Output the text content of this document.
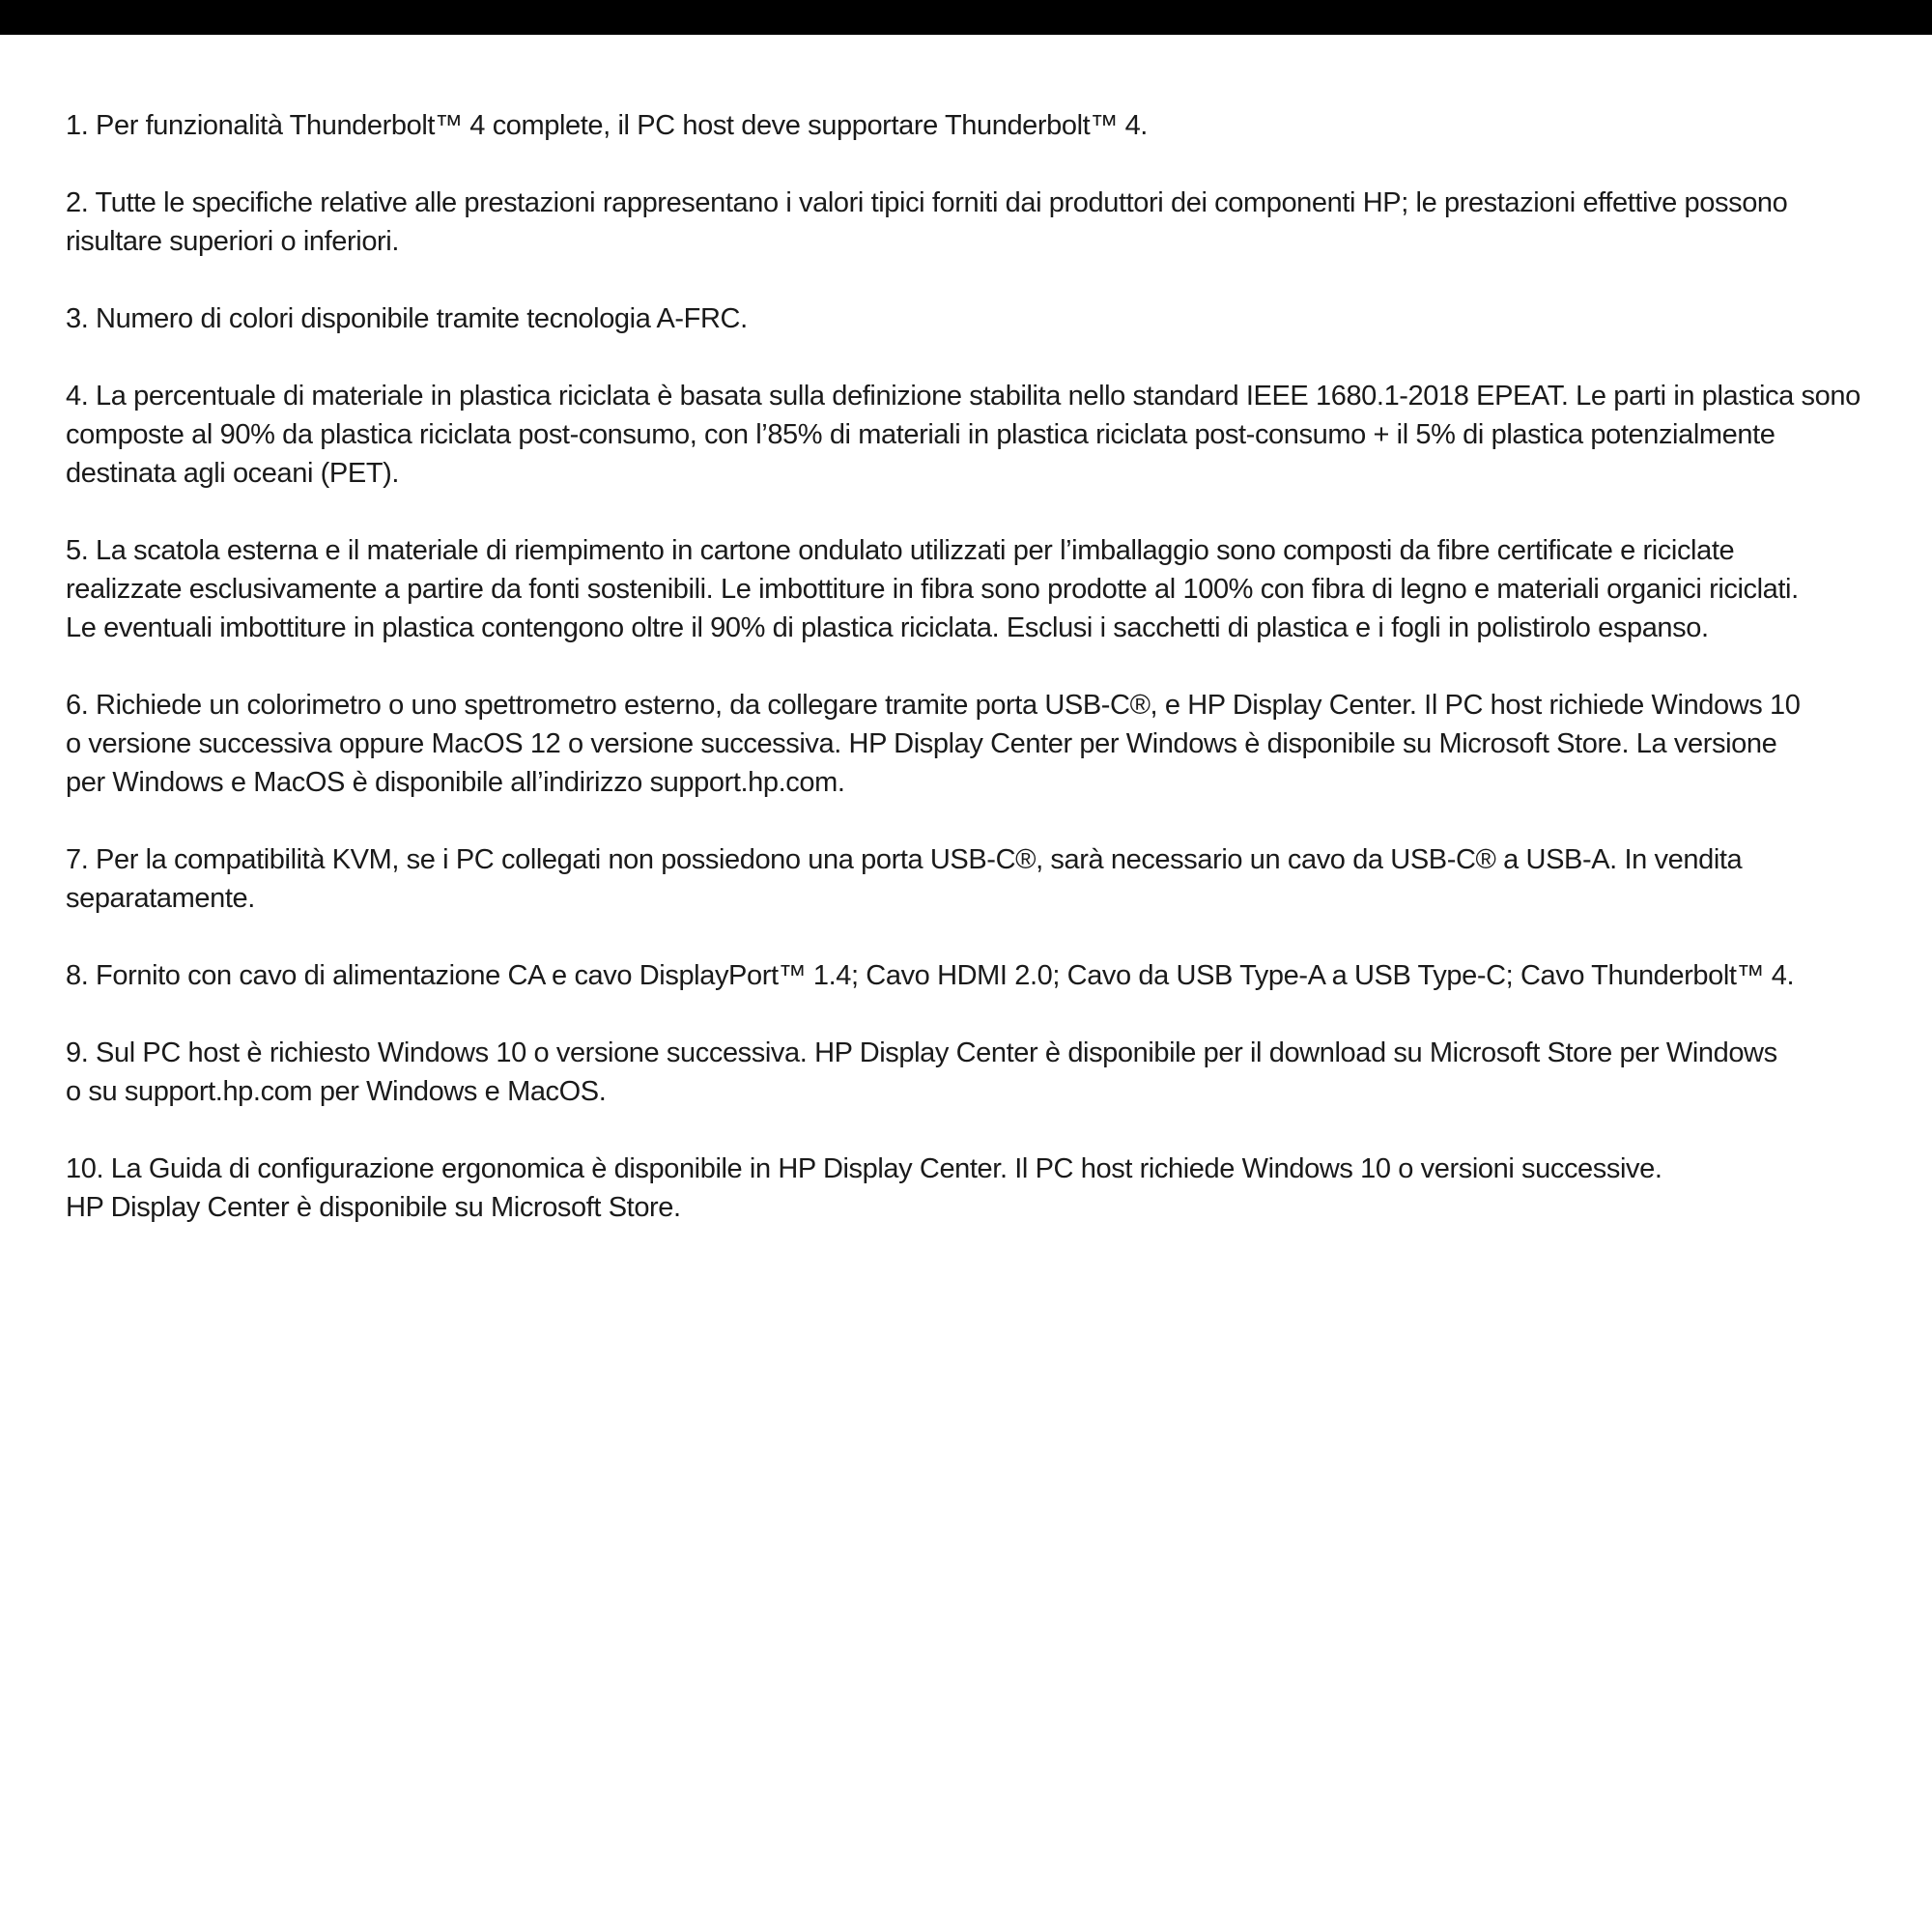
1. Per funzionalità Thunderbolt™ 4 complete, il PC host deve supportare Thunderbolt™ 4.

2. Tutte le specifiche relative alle prestazioni rappresentano i valori tipici forniti dai produttori dei componenti HP; le prestazioni effettive possono
risultare superiori o inferiori.

3. Numero di colori disponibile tramite tecnologia A-FRC.

4. La percentuale di materiale in plastica riciclata è basata sulla definizione stabilita nello standard IEEE 1680.1-2018 EPEAT. Le parti in plastica sono
composte al 90% da plastica riciclata post-consumo, con l’85% di materiali in plastica riciclata post-consumo + il 5% di plastica potenzialmente
destinata agli oceani (PET).

5. La scatola esterna e il materiale di riempimento in cartone ondulato utilizzati per l’imballaggio sono composti da fibre certificate e riciclate
realizzate esclusivamente a partire da fonti sostenibili. Le imbottiture in fibra sono prodotte al 100% con fibra di legno e materiali organici riciclati.
Le eventuali imbottiture in plastica contengono oltre il 90% di plastica riciclata. Esclusi i sacchetti di plastica e i fogli in polistirolo espanso.

6. Richiede un colorimetro o uno spettrometro esterno, da collegare tramite porta USB-C®, e HP Display Center. Il PC host richiede Windows 10
o versione successiva oppure MacOS 12 o versione successiva. HP Display Center per Windows è disponibile su Microsoft Store. La versione
per Windows e MacOS è disponibile all’indirizzo support.hp.com.

7. Per la compatibilità KVM, se i PC collegati non possiedono una porta USB-C®, sarà necessario un cavo da USB-C® a USB-A. In vendita
separatamente.

8. Fornito con cavo di alimentazione CA e cavo DisplayPort™ 1.4; Cavo HDMI 2.0; Cavo da USB Type-A a USB Type-C; Cavo Thunderbolt™ 4.

9. Sul PC host è richiesto Windows 10 o versione successiva. HP Display Center è disponibile per il download su Microsoft Store per Windows
o su support.hp.com per Windows e MacOS.

10. La Guida di configurazione ergonomica è disponibile in HP Display Center. Il PC host richiede Windows 10 o versioni successive.
HP Display Center è disponibile su Microsoft Store.
